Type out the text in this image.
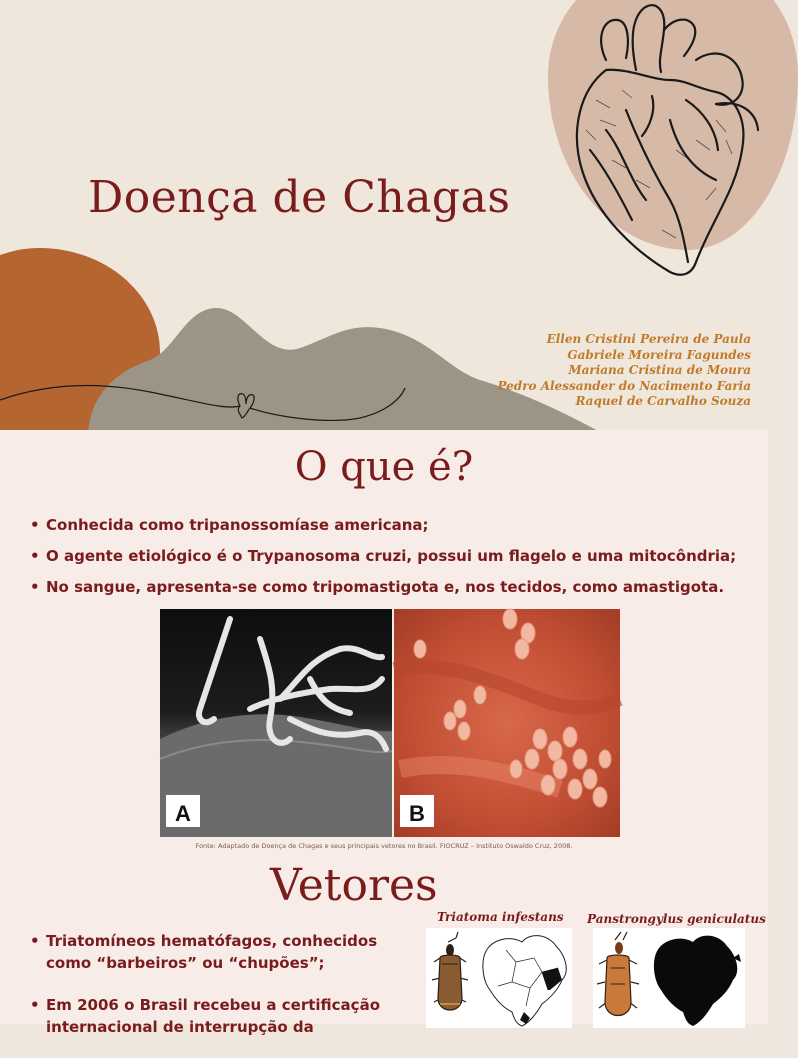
Doença de Chagas
Ellen Cristini Pereira de Paula
Gabriele Moreira Fagundes
Mariana Cristina de Moura
Pedro Alessander do Nacimento Faria
Raquel de Carvalho Souza
O que é?
• Conhecida como tripanossomíase americana;
• O agente etiológico é o Trypanosoma cruzi, possui um flagelo e uma mitocôndria;
• No sangue, apresenta-se como tripomastigota e, nos tecidos, como amastigota.
A	B
Fonte: Adaptado de Doença de Chagas e seus principais vetores no Brasil. FIOCRUZ – Instituto Oswaldo Cruz, 2008.
Vetores
• Triatomíneos hematófagos, conhecidos como “barbeiros” ou “chupões”;
• Em 2006 o Brasil recebeu a certificação internacional de interrupção da
Triatoma infestans Panstrongylus geniculatus
